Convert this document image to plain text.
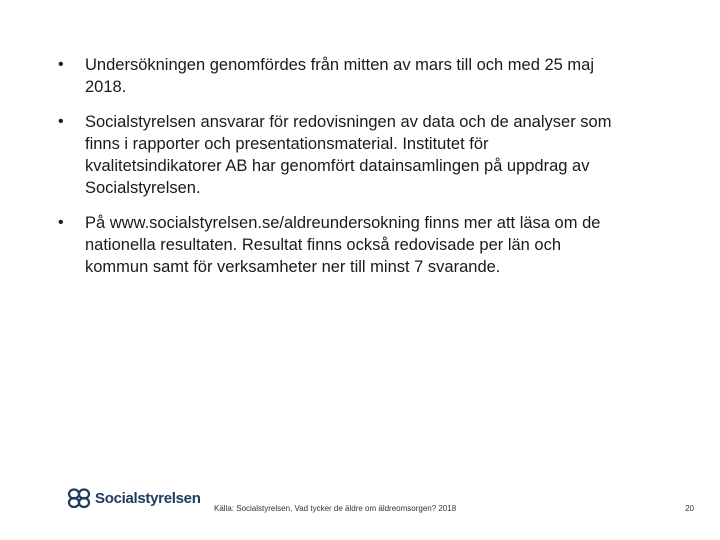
• Undersökningen genomfördes från mitten av mars till och med 25 maj 2018.
• Socialstyrelsen ansvarar för redovisningen av data och de analyser som finns i rapporter och presentationsmaterial. Institutet för kvalitetsindikatorer AB har genomfört datainsamlingen på uppdrag av Socialstyrelsen.
• På www.socialstyrelsen.se/aldreundersokning finns mer att läsa om de nationella resultaten. Resultat finns också redovisade per län och kommun samt för verksamheter ner till minst 7 svarande.
Socialstyrelsen
Källa: Socialstyrelsen, Vad tycker de äldre om äldreomsorgen? 2018	20
